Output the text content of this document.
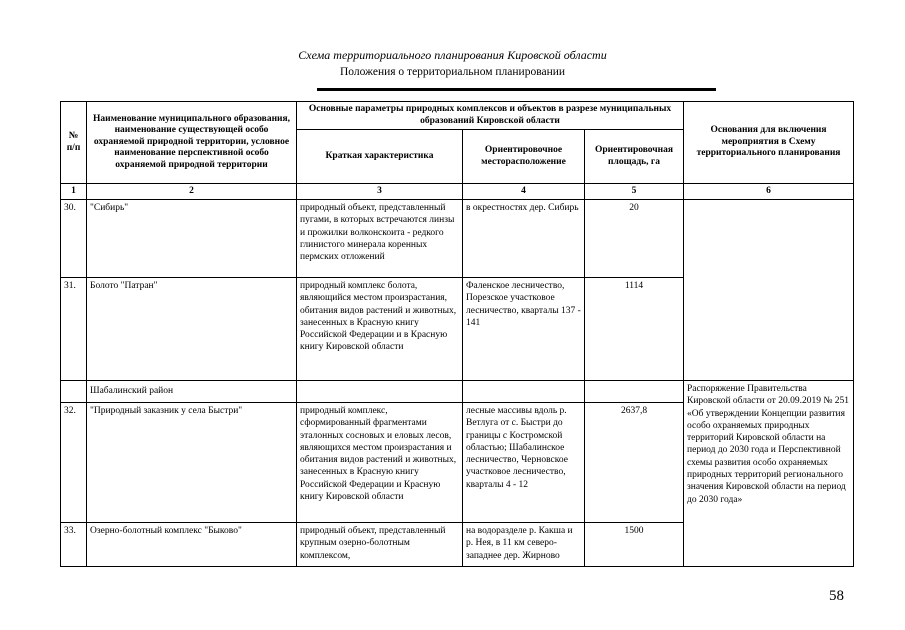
Схема территориального планирования Кировской области
Положения о территориальном планировании
№ п/п	Наименование муниципального образования, наименование существующей особо охраняемой природной территории, условное наименование перспективной особо охраняемой природной территории	Основные параметры природных комплексов и объектов в разрезе муниципальных образований Кировской области			Основания для включения мероприятия в Схему территориального планирования
		Краткая характеристика	Ориентировочное месторасположение	Ориентировочная площадь, га	
1	2	3	4	5	6
30.	"Сибирь"	природный объект, представленный пугами, в которых встречаются линзы и прожилки волконскоита - редкого глинистого минерала коренных пермских отложений	в окрестностях дер. Сибирь	20	
31.	Болото "Патран"	природный комплекс болота, являющийся местом произрастания, обитания видов растений и животных, занесенных в Красную книгу Российской Федерации и в Красную книгу Кировской области	Фаленское лесничество, Порезское участковое лесничество, кварталы 137 - 141	1114	
	Шабалинский район				Распоряжение Правительства Кировской области от 20.09.2019 № 251 «Об утверждении Концепции развития особо охраняемых природных территорий Кировской области на период до 2030 года и Перспективной схемы развития особо охраняемых природных территорий регионального значения Кировской области на период до 2030 года»
32.	"Природный заказник у села Быстри"	природный комплекс, сформированный фрагментами эталонных сосновых и еловых лесов, являющихся местом произрастания и обитания видов растений и животных, занесенных в Красную книгу Российской Федерации и Красную книгу Кировской области	лесные массивы вдоль р. Ветлуга от с. Быстри до границы с Костромской областью; Шабалинское лесничество, Черновское участковое лесничество, кварталы 4 - 12	2637,8	
33.	Озерно-болотный комплекс "Быково"	природный объект, представленный крупным озерно-болотным комплексом,	на водоразделе р. Какша и р. Нея, в 11 км северо-западнее дер. Жирново	1500	
58
